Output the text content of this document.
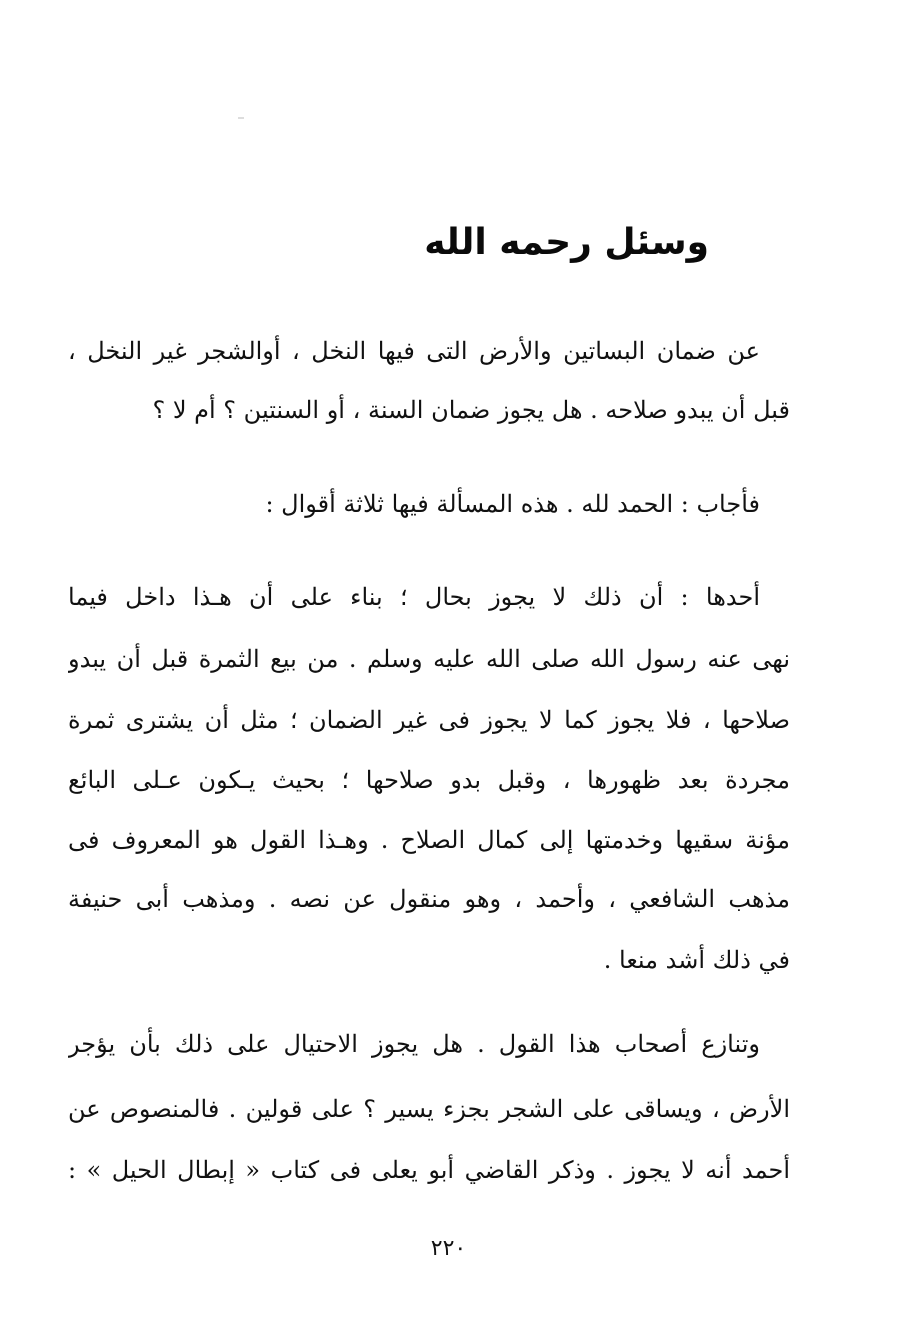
وسئل رحمه الله
عن ضمان البساتين والأرض التى فيها النخل ، أوالشجر غير النخل ،
قبل أن يبدو صلاحه . هل يجوز ضمان السنة ، أو السنتين ؟ أم لا ؟
فأجاب : الحمد لله . هذه المسألة فيها ثلاثة أقوال :
أحدها : أن ذلك لا يجوز بحال ؛ بناء على أن هـذا داخل فيما
نهى عنه رسول الله صلى الله عليه وسلم . من بيع الثمرة قبل أن يبدو
صلاحها ، فلا يجوز كما لا يجوز فى غير الضمان ؛ مثل أن يشترى ثمرة
مجردة بعد ظهورها ، وقبل بدو صلاحها ؛ بحيث يـكون عـلى البائع
مؤنة سقيها وخدمتها إلى كمال الصلاح . وهـذا القول هو المعروف فى
مذهب الشافعي ، وأحمد ، وهو منقول عن نصه . ومذهب أبى حنيفة
في ذلك أشد منعا .
وتنازع أصحاب هذا القول . هل يجوز الاحتيال على ذلك بأن يؤجر
الأرض ، ويساقى على الشجر بجزء يسير ؟ على قولين . فالمنصوص عن
أحمد أنه لا يجوز . وذكر القاضي أبو يعلى فى كتاب « إبطال الحيل » :
٢٢٠
